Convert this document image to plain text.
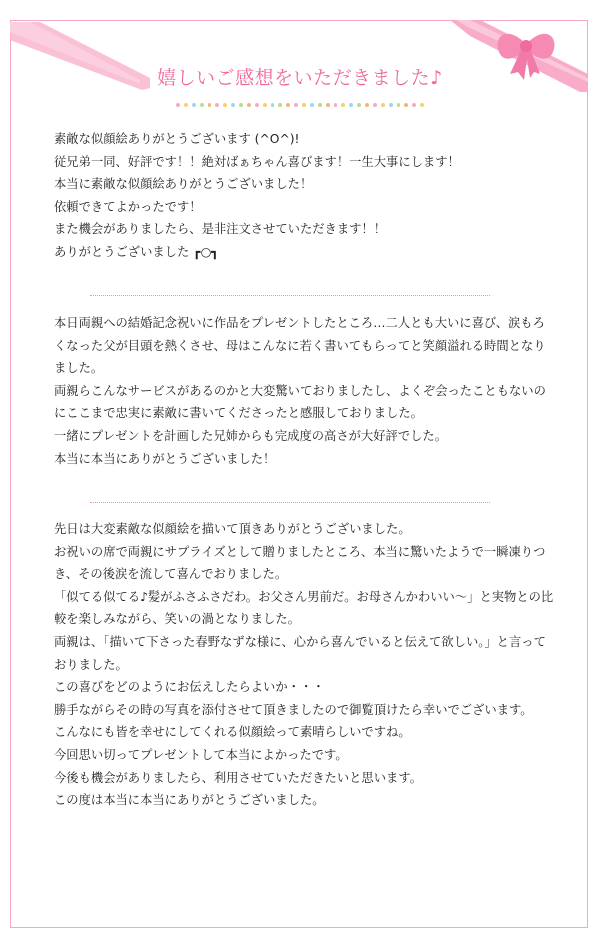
嬉しいご感想をいただきました♪

素敵な似顔絵ありがとうございます (^O^)!

従兄弟一同、好評です！！絶対ばぁちゃん喜びます！一生大事にします！

本当に素敵な似顔絵ありがとうございました！

依頼できてよかったです！

また機会がありましたら、是非注文させていただきます！！

ありがとうございました ┏○┓

本日両親への結婚記念祝いに作品をプレゼントしたところ…二人とも大いに喜び、涙もろくなった父が目頭を熱くさせ、母はこんなに若く書いてもらってと笑顔溢れる時間となりました。

両親らこんなサービスがあるのかと大変驚いておりましたし、よくぞ会ったこともないのにここまで忠実に素敵に書いてくださったと感服しておりました。

一緒にプレゼントを計画した兄姉からも完成度の高さが大好評でした。

本当に本当にありがとうございました！

先日は大変素敵な似顔絵を描いて頂きありがとうございました。

お祝いの席で両親にサプライズとして贈りましたところ、本当に驚いたようで一瞬凍りつき、その後涙を流して喜んでおりました。

「似てる似てる♪髪がふさふさだわ。お父さん男前だ。お母さんかわいい～」と実物との比較を楽しみながら、笑いの渦となりました。

両親は、「描いて下さった春野なずな様に、心から喜んでいると伝えて欲しい。」と言っておりました。

この喜びをどのようにお伝えしたらよいか・・・

勝手ながらその時の写真を添付させて頂きましたので御覧頂けたら幸いでございます。

こんなにも皆を幸せにしてくれる似顔絵って素晴らしいですね。

今回思い切ってプレゼントして本当によかったです。

今後も機会がありましたら、利用させていただきたいと思います。

この度は本当に本当にありがとうございました。
